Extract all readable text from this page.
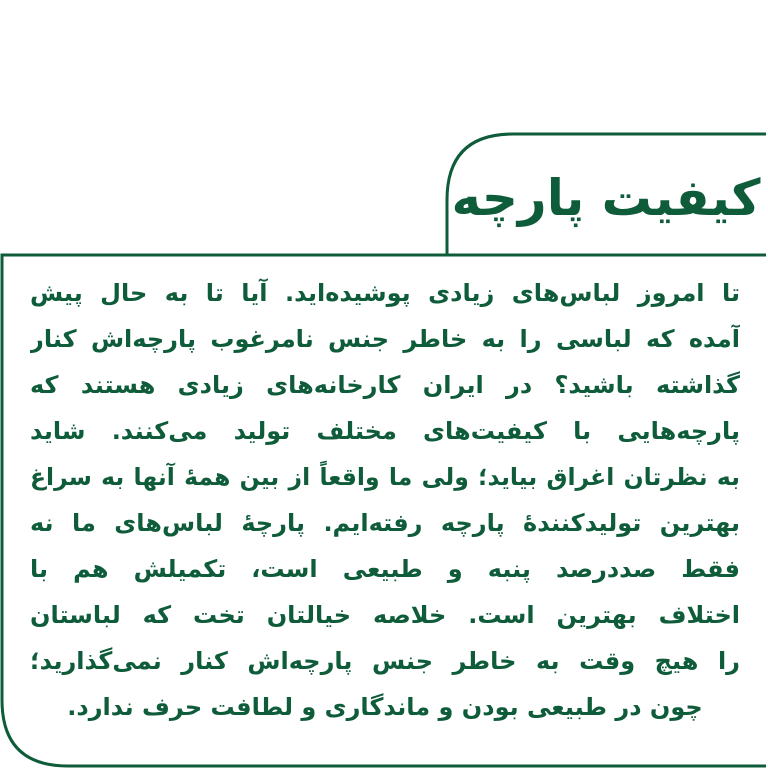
کیفیت پارچه
تا امروز لباس‌های زیادی پوشیده‌اید. آیا تا به حال پیش
آمده که لباسی را به خاطر جنس نامرغوب پارچه‌اش کنار
گذاشته باشید؟ در ایران کارخانه‌های زیادی هستند که
پارچه‌هایی با کیفیت‌های مختلف تولید می‌کنند. شاید
به نظرتان اغراق بیاید؛ ولی ما واقعاً از بین همهٔ آنها به سراغ
بهترین تولیدکنندهٔ پارچه رفته‌ایم. پارچهٔ لباس‌های ما نه
فقط صددرصد پنبه و طبیعی است، تکمیلش هم با
اختلاف بهترین است. خلاصه خیالتان تخت که لباستان
را هیچ وقت به خاطر جنس پارچه‌اش کنار نمی‌گذارید؛
چون در طبیعی بودن و ماندگاری و لطافت حرف ندارد.
